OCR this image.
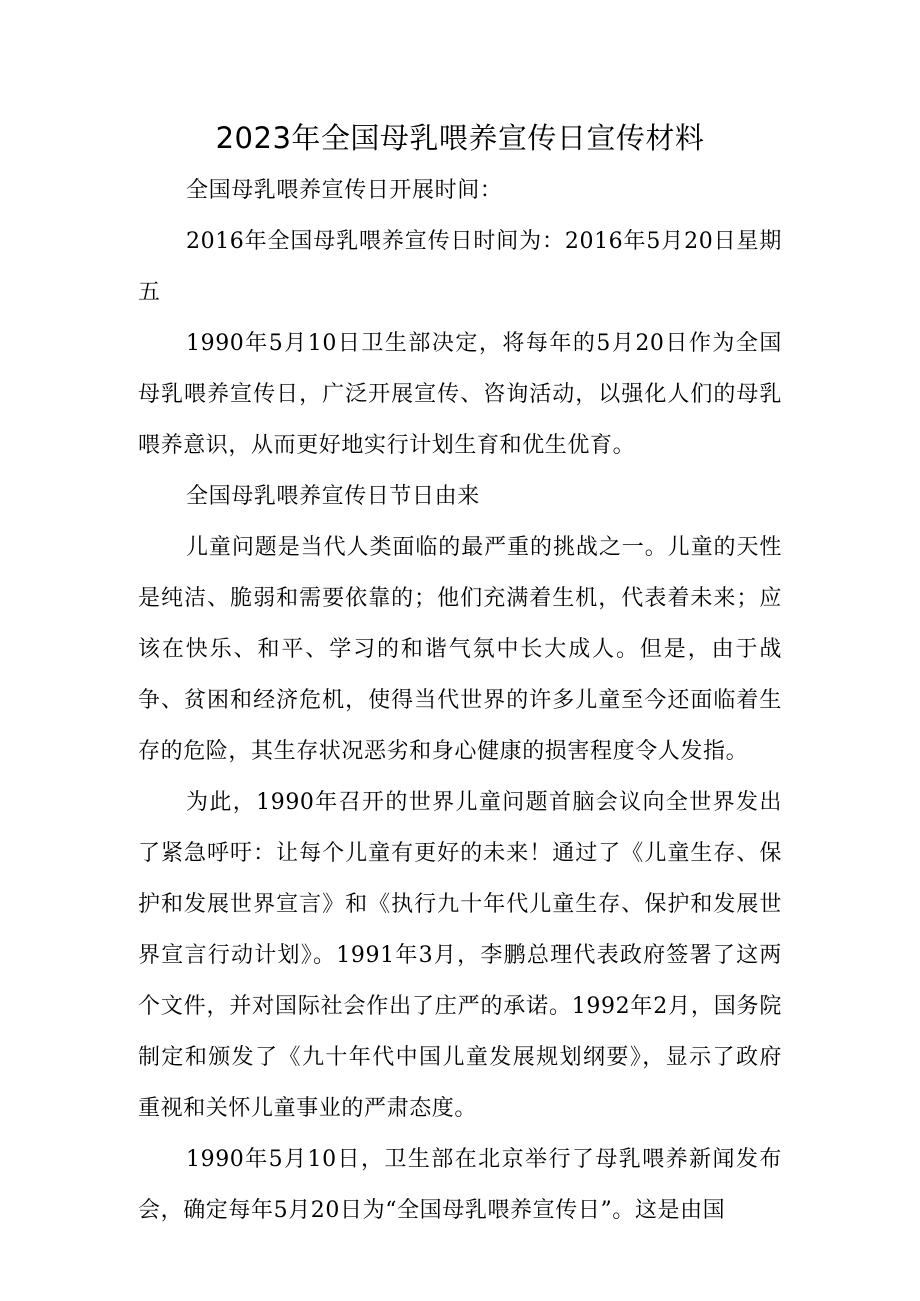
2023年全国母乳喂养宣传日宣传材料

全国母乳喂养宣传日开展时间：

2016年全国母乳喂养宣传日时间为：2016年5月20日星期五

1990年5月10日卫生部决定，将每年的5月20日作为全国母乳喂养宣传日，广泛开展宣传、咨询活动，以强化人们的母乳喂养意识，从而更好地实行计划生育和优生优育。

全国母乳喂养宣传日节日由来

儿童问题是当代人类面临的最严重的挑战之一。儿童的天性是纯洁、脆弱和需要依靠的；他们充满着生机，代表着未来；应该在快乐、和平、学习的和谐气氛中长大成人。但是，由于战争、贫困和经济危机，使得当代世界的许多儿童至今还面临着生存的危险，其生存状况恶劣和身心健康的损害程度令人发指。

为此，1990年召开的世界儿童问题首脑会议向全世界发出了紧急呼吁：让每个儿童有更好的未来！通过了《儿童生存、保护和发展世界宣言》和《执行九十年代儿童生存、保护和发展世界宣言行动计划》。1991年3月，李鹏总理代表政府签署了这两个文件，并对国际社会作出了庄严的承诺。1992年2月，国务院制定和颁发了《九十年代中国儿童发展规划纲要》，显示了政府重视和关怀儿童事业的严肃态度。

1990年5月10日，卫生部在北京举行了母乳喂养新闻发布会，确定每年5月20日为“全国母乳喂养宣传日”。这是由国
